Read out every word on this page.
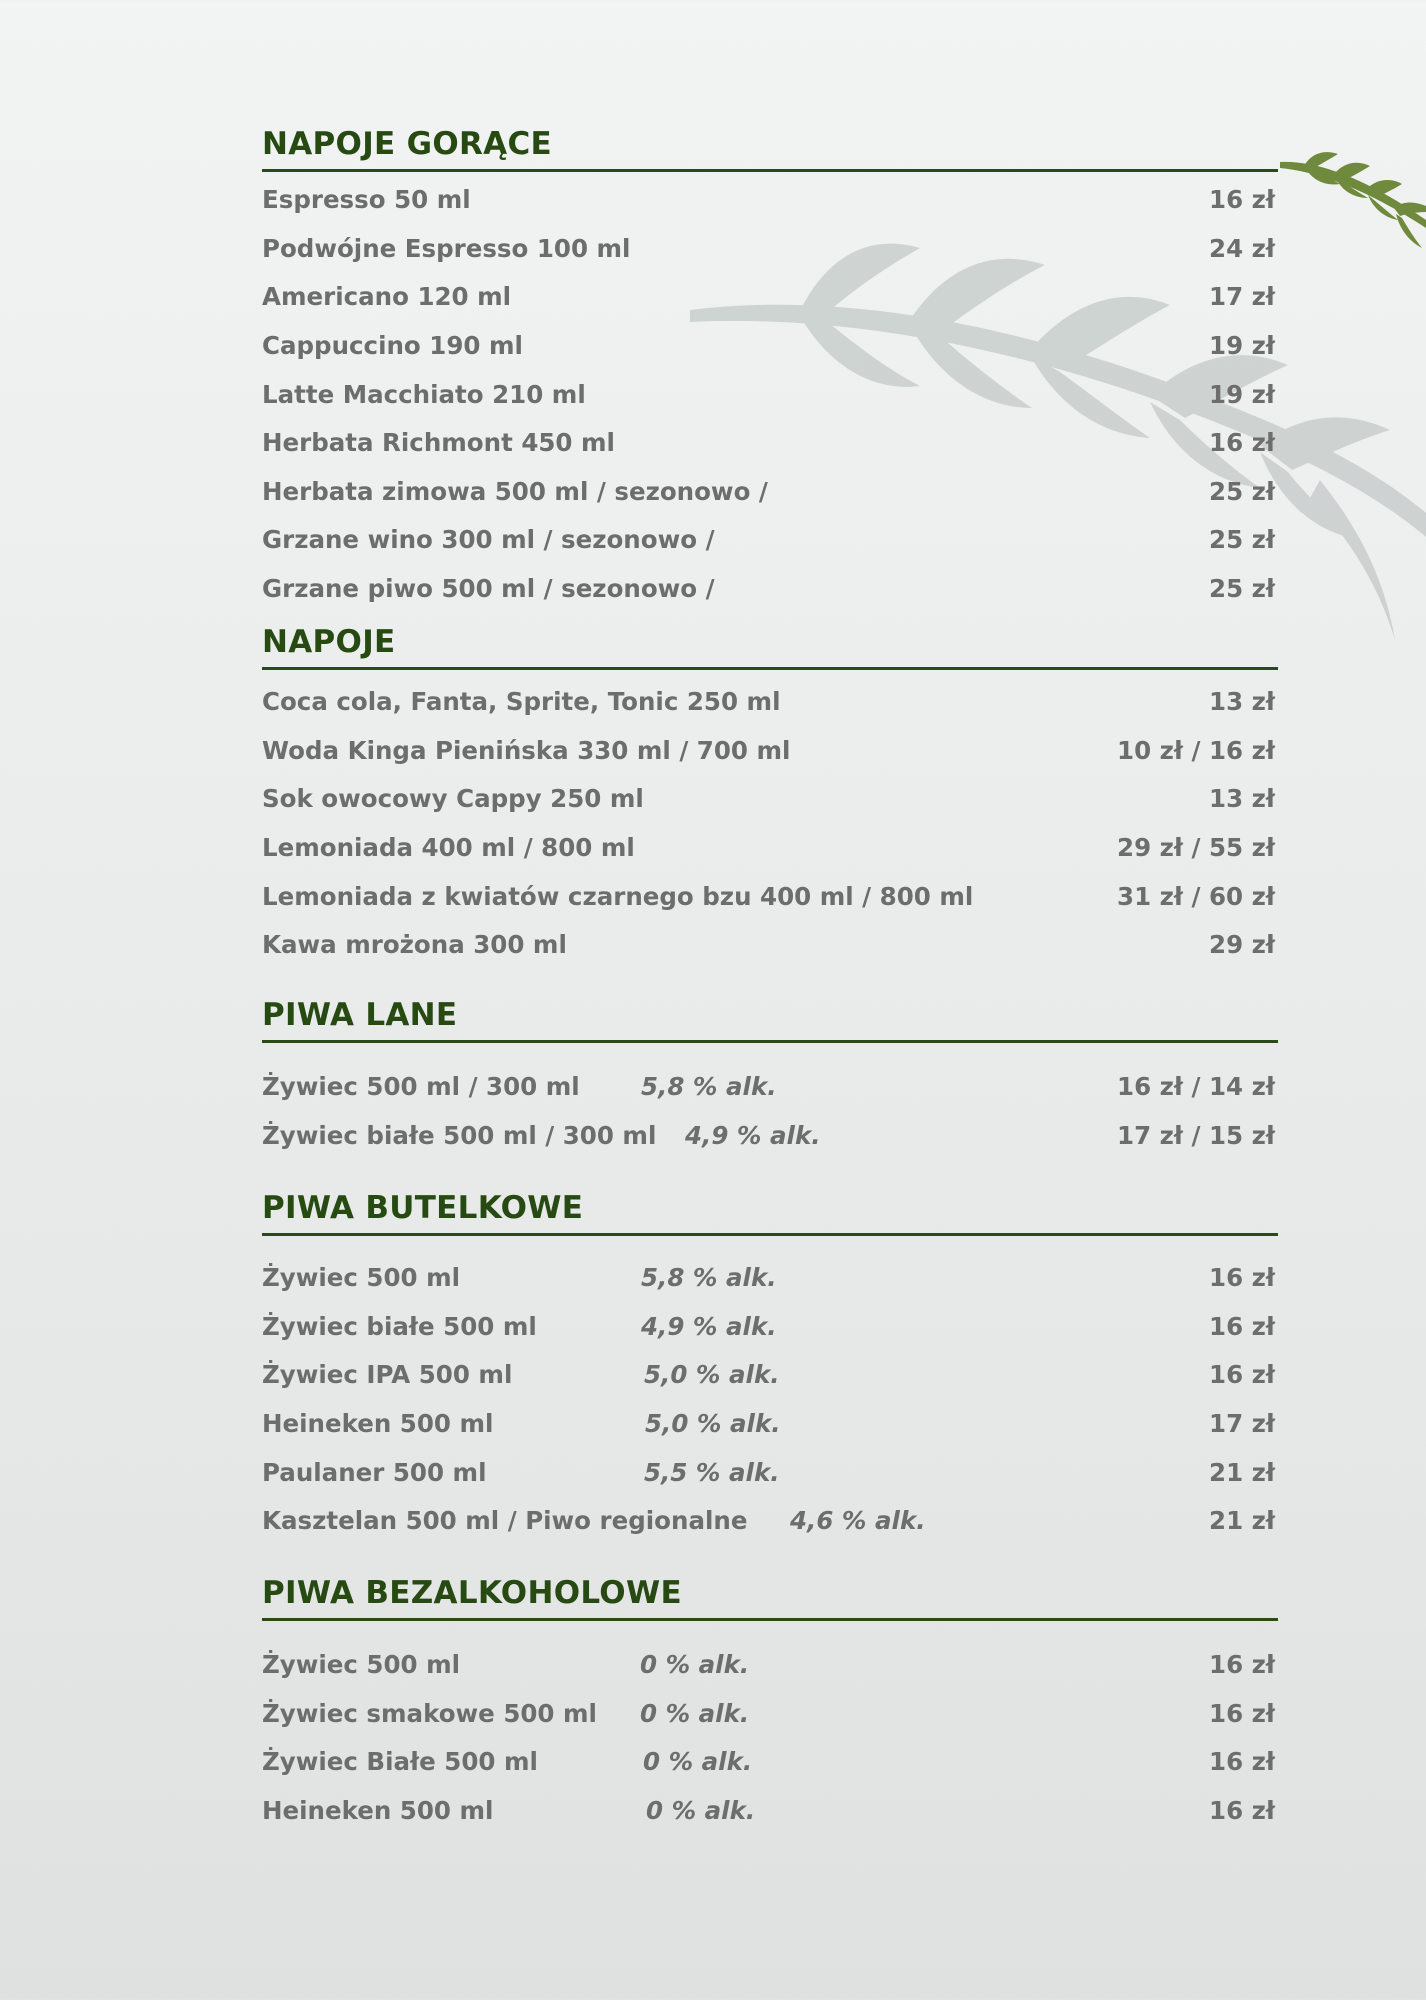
NAPOJE GORĄCE
Espresso 50 ml	16 zł
Podwójne Espresso 100 ml	24 zł
Americano 120 ml	17 zł
Cappuccino 190 ml	19 zł
Latte Macchiato 210 ml	19 zł
Herbata Richmont 450 ml	16 zł
Herbata zimowa 500 ml / sezonowo /	25 zł
Grzane wino 300 ml / sezonowo /	25 zł
Grzane piwo 500 ml / sezonowo /	25 zł
NAPOJE
Coca cola, Fanta, Sprite, Tonic 250 ml	13 zł
Woda Kinga Pienińska 330 ml / 700 ml	10 zł / 16 zł
Sok owocowy Cappy 250 ml	13 zł
Lemoniada 400 ml / 800 ml	29 zł / 55 zł
Lemoniada z kwiatów czarnego bzu 400 ml / 800 ml	31 zł / 60 zł
Kawa mrożona 300 ml	29 zł
PIWA LANE
Żywiec 500 ml / 300 ml	5,8 % alk.	16 zł / 14 zł
Żywiec białe 500 ml / 300 ml 4,9 % alk.	17 zł / 15 zł
PIWA BUTELKOWE
Żywiec 500 ml	5,8 % alk.	16 zł
Żywiec białe 500 ml	4,9 % alk.	16 zł
Żywiec IPA 500 ml	5,0 % alk.	16 zł
Heineken 500 ml	5,0 % alk.	17 zł
Paulaner 500 ml	5,5 % alk.	21 zł
Kasztelan 500 ml / Piwo regionalne 4,6 % alk.	21 zł
PIWA BEZALKOHOLOWE
Żywiec 500 ml	0 % alk.	16 zł
Żywiec smakowe 500 ml 0 % alk.	16 zł
Żywiec Białe 500 ml	0 % alk.	16 zł
Heineken 500 ml	0 % alk.	16 zł
